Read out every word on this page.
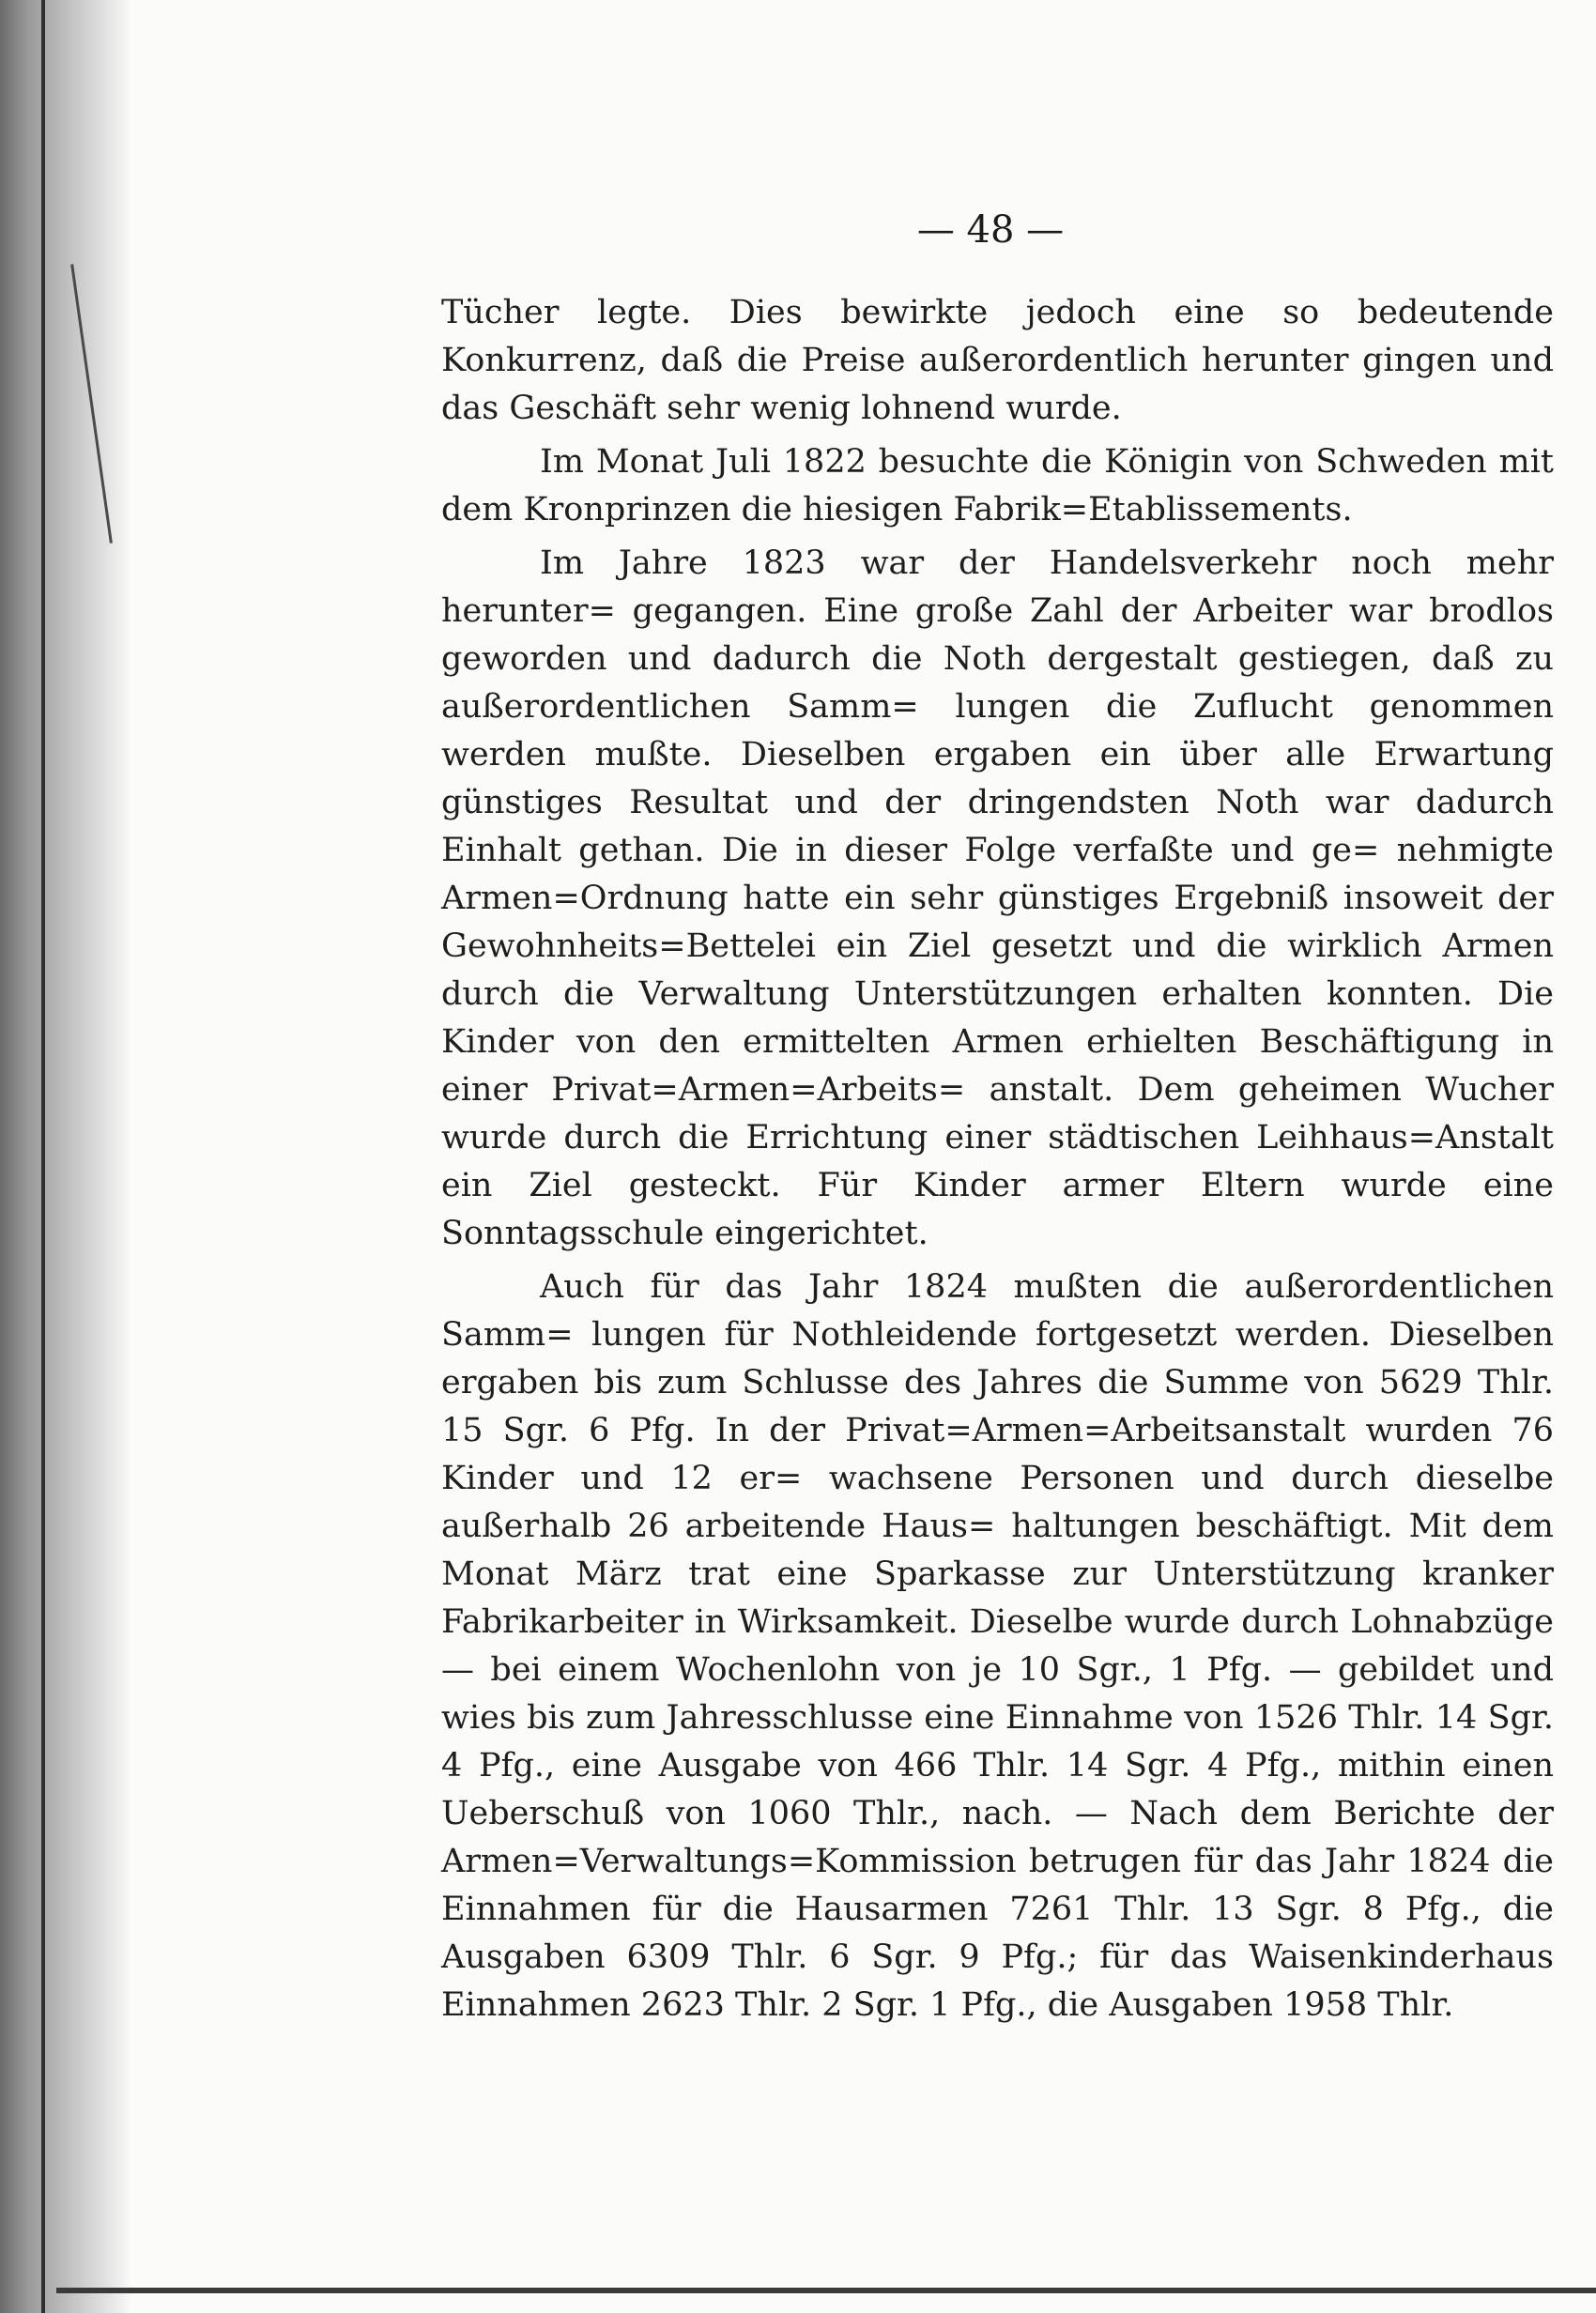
— 48 —

Tücher legte. Dies bewirkte jedoch eine so bedeutende Konkurrenz, daß die Preise außerordentlich herunter gingen und das Geschäft sehr wenig lohnend wurde.

Im Monat Juli 1822 besuchte die Königin von Schweden mit dem Kronprinzen die hiesigen Fabrik=Etablissements.

Im Jahre 1823 war der Handelsverkehr noch mehr herunter= gegangen. Eine große Zahl der Arbeiter war brodlos geworden und dadurch die Noth dergestalt gestiegen, daß zu außerordentlichen Samm= lungen die Zuflucht genommen werden mußte. Dieselben ergaben ein über alle Erwartung günstiges Resultat und der dringendsten Noth war dadurch Einhalt gethan. Die in dieser Folge verfaßte und ge= nehmigte Armen=Ordnung hatte ein sehr günstiges Ergebniß insoweit der Gewohnheits=Bettelei ein Ziel gesetzt und die wirklich Armen durch die Verwaltung Unterstützungen erhalten konnten. Die Kinder von den ermittelten Armen erhielten Beschäftigung in einer Privat=Armen=Arbeits= anstalt. Dem geheimen Wucher wurde durch die Errichtung einer städtischen Leihhaus=Anstalt ein Ziel gesteckt. Für Kinder armer Eltern wurde eine Sonntagsschule eingerichtet.

Auch für das Jahr 1824 mußten die außerordentlichen Samm= lungen für Nothleidende fortgesetzt werden. Dieselben ergaben bis zum Schlusse des Jahres die Summe von 5629 Thlr. 15 Sgr. 6 Pfg. In der Privat=Armen=Arbeitsanstalt wurden 76 Kinder und 12 er= wachsene Personen und durch dieselbe außerhalb 26 arbeitende Haus= haltungen beschäftigt. Mit dem Monat März trat eine Sparkasse zur Unterstützung kranker Fabrikarbeiter in Wirksamkeit. Dieselbe wurde durch Lohnabzüge — bei einem Wochenlohn von je 10 Sgr., 1 Pfg. — gebildet und wies bis zum Jahresschlusse eine Einnahme von 1526 Thlr. 14 Sgr. 4 Pfg., eine Ausgabe von 466 Thlr. 14 Sgr. 4 Pfg., mithin einen Ueberschuß von 1060 Thlr., nach. — Nach dem Berichte der Armen=Verwaltungs=Kommission betrugen für das Jahr 1824 die Einnahmen für die Hausarmen 7261 Thlr. 13 Sgr. 8 Pfg., die Ausgaben 6309 Thlr. 6 Sgr. 9 Pfg.; für das Waisenkinderhaus Einnahmen 2623 Thlr. 2 Sgr. 1 Pfg., die Ausgaben 1958 Thlr.
